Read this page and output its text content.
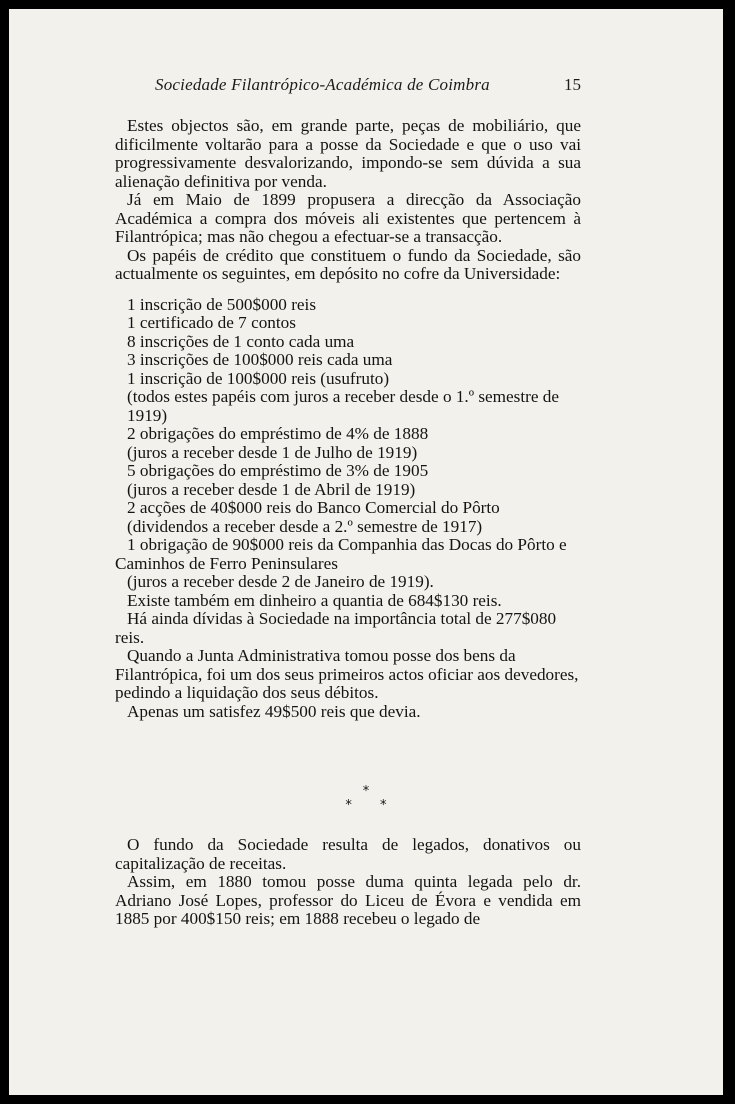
Sociedade Filantrópico-Académica de Coimbra	15

Estes objectos são, em grande parte, peças de mobiliário, que dificilmente voltarão para a posse da Sociedade e que o uso vai progressivamente desvalorizando, impondo-se sem dúvida a sua alienação definitiva por venda.

Já em Maio de 1899 propusera a direcção da Associação Académica a compra dos móveis ali existentes que pertencem à Filantrópica; mas não chegou a efectuar-se a transacção.

Os papéis de crédito que constituem o fundo da Sociedade, são actualmente os seguintes, em depósito no cofre da Universidade:

1 inscrição de 500$000 reis
1 certificado de 7 contos
8 inscrições de 1 conto cada uma
3 inscrições de 100$000 reis cada uma
1 inscrição de 100$000 reis (usufruto)
(todos estes papéis com juros a receber desde o 1.º semestre de 1919)
2 obrigações do empréstimo de 4% de 1888
(juros a receber desde 1 de Julho de 1919)
5 obrigações do empréstimo de 3% de 1905
(juros a receber desde 1 de Abril de 1919)
2 acções de 40$000 reis do Banco Comercial do Pôrto
(dividendos a receber desde a 2.º semestre de 1917)
1 obrigação de 90$000 reis da Companhia das Docas do Pôrto e Caminhos de Ferro Peninsulares
(juros a receber desde 2 de Janeiro de 1919).
Existe também em dinheiro a quantia de 684$130 reis.
Há ainda dívidas à Sociedade na importância total de 277$080 reis.
Quando a Junta Administrativa tomou posse dos bens da Filantrópica, foi um dos seus primeiros actos oficiar aos devedores, pedindo a liquidação dos seus débitos.
Apenas um satisfez 49$500 reis que devia.
*
* *

O fundo da Sociedade resulta de legados, donativos ou capitalização de receitas.

Assim, em 1880 tomou posse duma quinta legada pelo dr. Adriano José Lopes, professor do Liceu de Évora e vendida em 1885 por 400$150 reis; em 1888 recebeu o legado de
